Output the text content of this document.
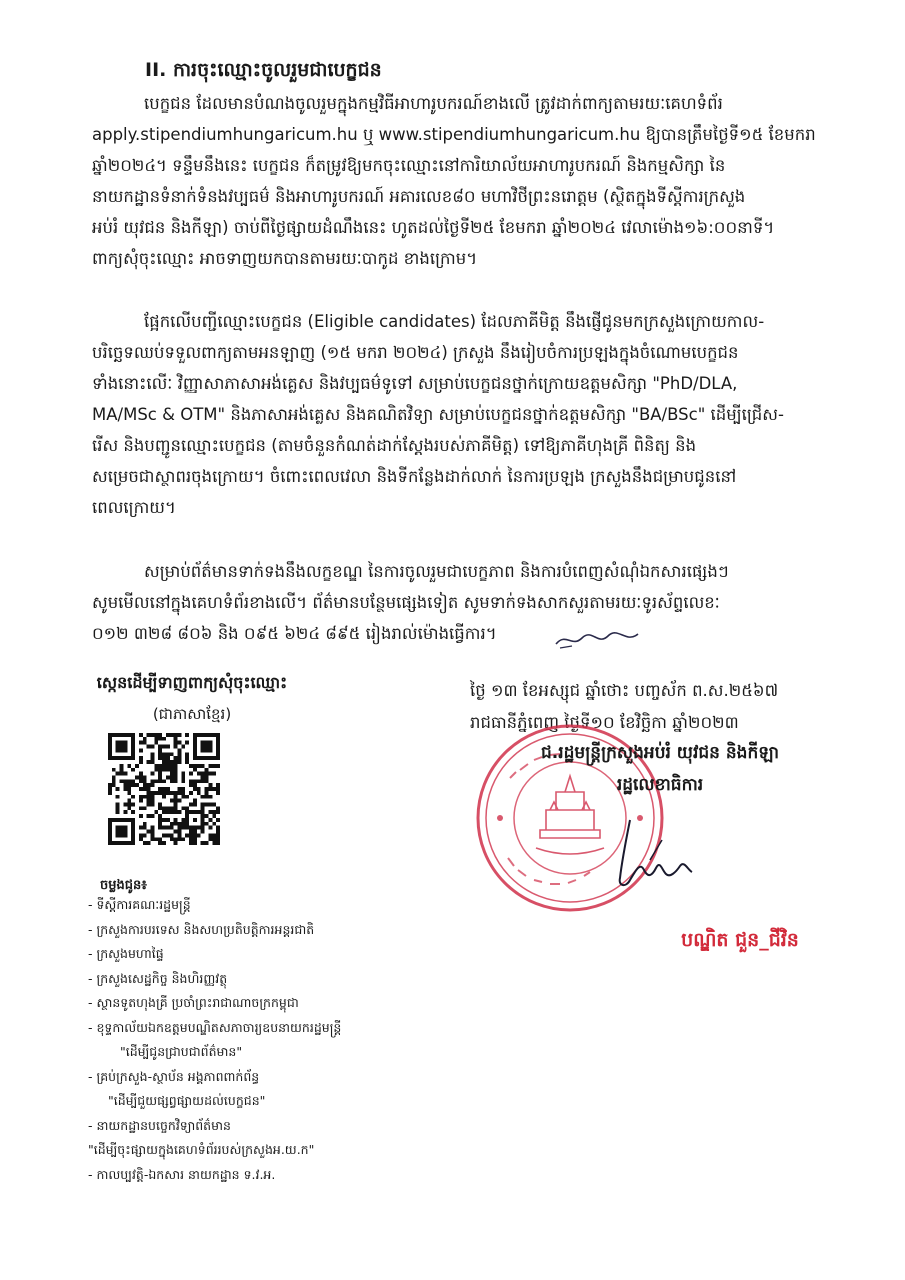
II. ការចុះឈ្មោះចូលរួមជាបេក្ខជន
បេក្ខជន ដែលមានបំណងចូលរួមក្នុងកម្មវិធីអាហារូបករណ៍ខាងលើ ត្រូវដាក់ពាក្យតាមរយៈគេហទំព័រ
apply.stipendiumhungaricum.hu ឬ www.stipendiumhungaricum.hu ឱ្យបានត្រឹមថ្ងៃទី១៥ ខែមករា
ឆ្នាំ២០២៤។ ទន្ទឹមនឹងនេះ បេក្ខជន ក៏តម្រូវឱ្យមកចុះឈ្មោះនៅការិយាល័យអាហារូបករណ៍ និងកម្មសិក្សា នៃ
នាយកដ្ឋានទំនាក់ទំនងវប្បធម៌ និងអាហារូបករណ៍ អគារលេខ៨០ មហាវិថីព្រះនរោត្តម (ស្ថិតក្នុងទីស្តីការក្រសួង
អប់រំ យុវជន និងកីឡា) ចាប់ពីថ្ងៃផ្សាយដំណឹងនេះ ហូតដល់ថ្ងៃទី២៥ ខែមករា ឆ្នាំ២០២៤ វេលាម៉ោង១៦:០០នាទី។
ពាក្យសុំចុះឈ្មោះ អាចទាញយកបានតាមរយៈបាកូដ ខាងក្រោម។
ផ្អែកលើបញ្ជីឈ្មោះបេក្ខជន (Eligible candidates) ដែលភាគីមិត្ត នឹងផ្ញើជូនមកក្រសួងក្រោយកាល-
បរិច្ឆេទឈប់ទទួលពាក្យតាមអនឡាញ (១៥ មករា ២០២៤) ក្រសួង នឹងរៀបចំការប្រឡងក្នុងចំណោមបេក្ខជន
ទាំងនោះលើៈ វិញ្ញាសាភាសាអង់គ្លេស និងវប្បធម៌ទូទៅ សម្រាប់បេក្ខជនថ្នាក់ក្រោយឧត្តមសិក្សា "PhD/DLA,
MA/MSc & OTM" និងភាសាអង់គ្លេស និងគណិតវិទ្យា សម្រាប់បេក្ខជនថ្នាក់ឧត្តមសិក្សា "BA/BSc" ដើម្បីជ្រើស-
រើស និងបញ្ជូនឈ្មោះបេក្ខជន (តាមចំនួនកំណត់ដាក់ស្តែងរបស់ភាគីមិត្ត) ទៅឱ្យភាគីហុងគ្រី ពិនិត្យ និង
សម្រេចជាស្ថាពរចុងក្រោយ។ ចំពោះពេលវេលា និងទីកន្លែងដាក់លាក់ នៃការប្រឡង ក្រសួងនឹងជម្រាបជូននៅ
ពេលក្រោយ។
សម្រាប់ព័ត៌មានទាក់ទងនឹងលក្ខខណ្ឌ នៃការចូលរួមជាបេក្ខភាព និងការបំពេញសំណុំឯកសារផ្សេងៗ
សូមមើលនៅក្នុងគេហទំព័រខាងលើ។ ព័ត៌មានបន្ថែមផ្សេងទៀត សូមទាក់ទងសាកសួរតាមរយៈទូរស័ព្ទលេខៈ
០១២ ៣២៨ ៨០៦ និង ០៩៥ ៦២៤ ៨៩៥ រៀងរាល់ម៉ោងធ្វើការ។
ស្កេនដើម្បីទាញពាក្យសុំចុះឈ្មោះ
(ជាភាសាខ្មែរ)
ចម្លងជូន៖
- ទីស្តីការគណៈរដ្ឋមន្ត្រី
- ក្រសួងការបរទេស និងសហប្រតិបត្តិការអន្តរជាតិ
- ក្រសួងមហាផ្ទៃ
- ក្រសួងសេដ្ឋកិច្ច និងហិរញ្ញវត្ថុ
- ស្ថានទូតហុងគ្រី ប្រចាំព្រះរាជាណាចក្រកម្ពុជា
- ខុទ្ទកាល័យឯកឧត្តមបណ្ឌិតសភាចារ្យឧបនាយករដ្ឋមន្ត្រី
"ដើម្បីជូនជ្រាបជាព័ត៌មាន"
- គ្រប់ក្រសួង-ស្ថាប័ន អង្គភាពពាក់ព័ន្ធ
"ដើម្បីជួយផ្សព្វផ្សាយដល់បេក្ខជន"
- នាយកដ្ឋានបច្ចេកវិទ្យាព័ត៌មាន
"ដើម្បីចុះផ្សាយក្នុងគេហទំព័ររបស់ក្រសួងអ.យ.ក"
- កាលប្បវត្តិ-ឯកសារ នាយកដ្ឋាន ទ.វ.អ.
ថ្ងៃ ១៣ ខែអស្សុជ ឆ្នាំថោះ បញ្ចស័ក ព.ស.២៥៦៧
រាជធានីភ្នំពេញ ថ្ងៃទី១០ ខែវិច្ឆិកា ឆ្នាំ២០២៣
ជ.រដ្ឋមន្ត្រីក្រសួងអប់រំ យុវជន និងកីឡា
រដ្ឋលេខាធិការ
បណ្ឌិត ជួន_ជីវិន
